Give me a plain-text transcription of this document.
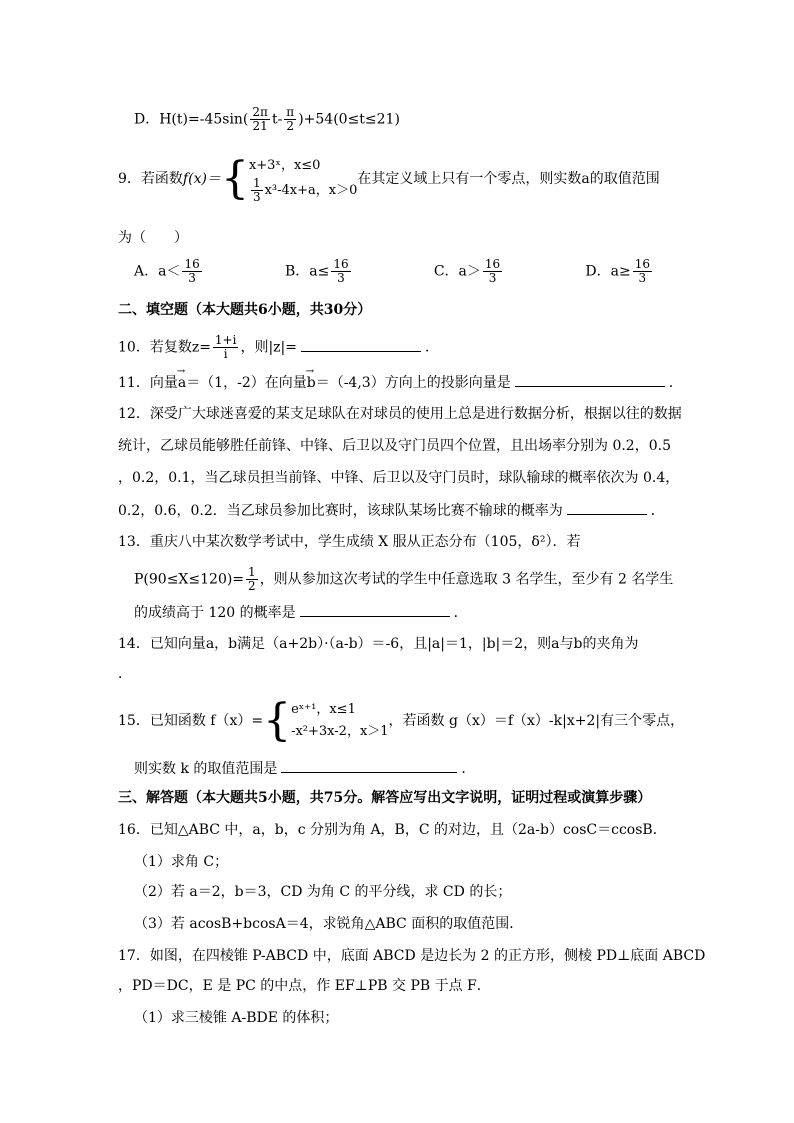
D．$H(t)=-45\sin( \frac{2\pi}{21} t- \frac{\pi}{2} )+54(0\le t\le 21)$
9．若函数f(x)＝{ x+3ˣ，x≤0
$\frac{1}{3} x^3-4x+a$，x＞0
在其定义域上只有一个零点，则实数a的取值范围
为（　　）
A．$a< \frac{16}{3}$	B．$a\le \frac{16}{3}$	C．$a> \frac{16}{3}$	D．$a\ge \frac{16}{3}$
二、填空题（本大题共6小题，共30分）
10．若复数$z= \frac{1+i}{i}$ ，则|z|=	．
11．向量→ a＝（1，-2）在向量→ b＝（-4,3）方向上的投影向量是	．
12．深受广大球迷喜爱的某支足球队在对球员的使用上总是进行数据分析，根据以往的数据
统计，乙球员能够胜任前锋、中锋、后卫以及守门员四个位置，且出场率分别为 0.2，0.5
，0.2，0.1，当乙球员担当前锋、中锋、后卫以及守门员时，球队输球的概率依次为 0.4，
0.2，0.6，0.2．当乙球员参加比赛时，该球队某场比赛不输球的概率为	．
13．重庆八中某次数学考试中，学生成绩 X 服从正态分布（105，δ²）．若
$P(90\le X\le 120)= \frac{1}{2}$ ，则从参加这次考试的学生中任意选取 3 名学生，至少有 2 名学生
的成绩高于 120 的概率是	．
14．已知向量a，b满足（a+2b）·（a-b）＝-6，且|a|＝1，|b|＝2，则a与b的夹角为
．
15．已知函数 f（x）={ eˣ⁺¹，x≤1
-x²+3x-2，x＞1
，若函数 g（x）＝f（x）-k|x+2|有三个零点，
则实数 k 的取值范围是	．
三、解答题（本大题共5小题，共75分。解答应写出文字说明，证明过程或演算步骤）
16．已知△ABC 中，a，b，c 分别为角 A，B，C 的对边，且（2a-b）cosC＝ccosB．
（1）求角 C；
（2）若 a＝2，b＝3，CD 为角 C 的平分线，求 CD 的长；
（3）若 acosB+bcosA＝4，求锐角△ABC 面积的取值范围．
17．如图，在四棱锥 P-ABCD 中，底面 ABCD 是边长为 2 的正方形，侧棱 PD⊥底面 ABCD
，PD＝DC，E 是 PC 的中点，作 EF⊥PB 交 PB 于点 F．
（1）求三棱锥 A-BDE 的体积；
